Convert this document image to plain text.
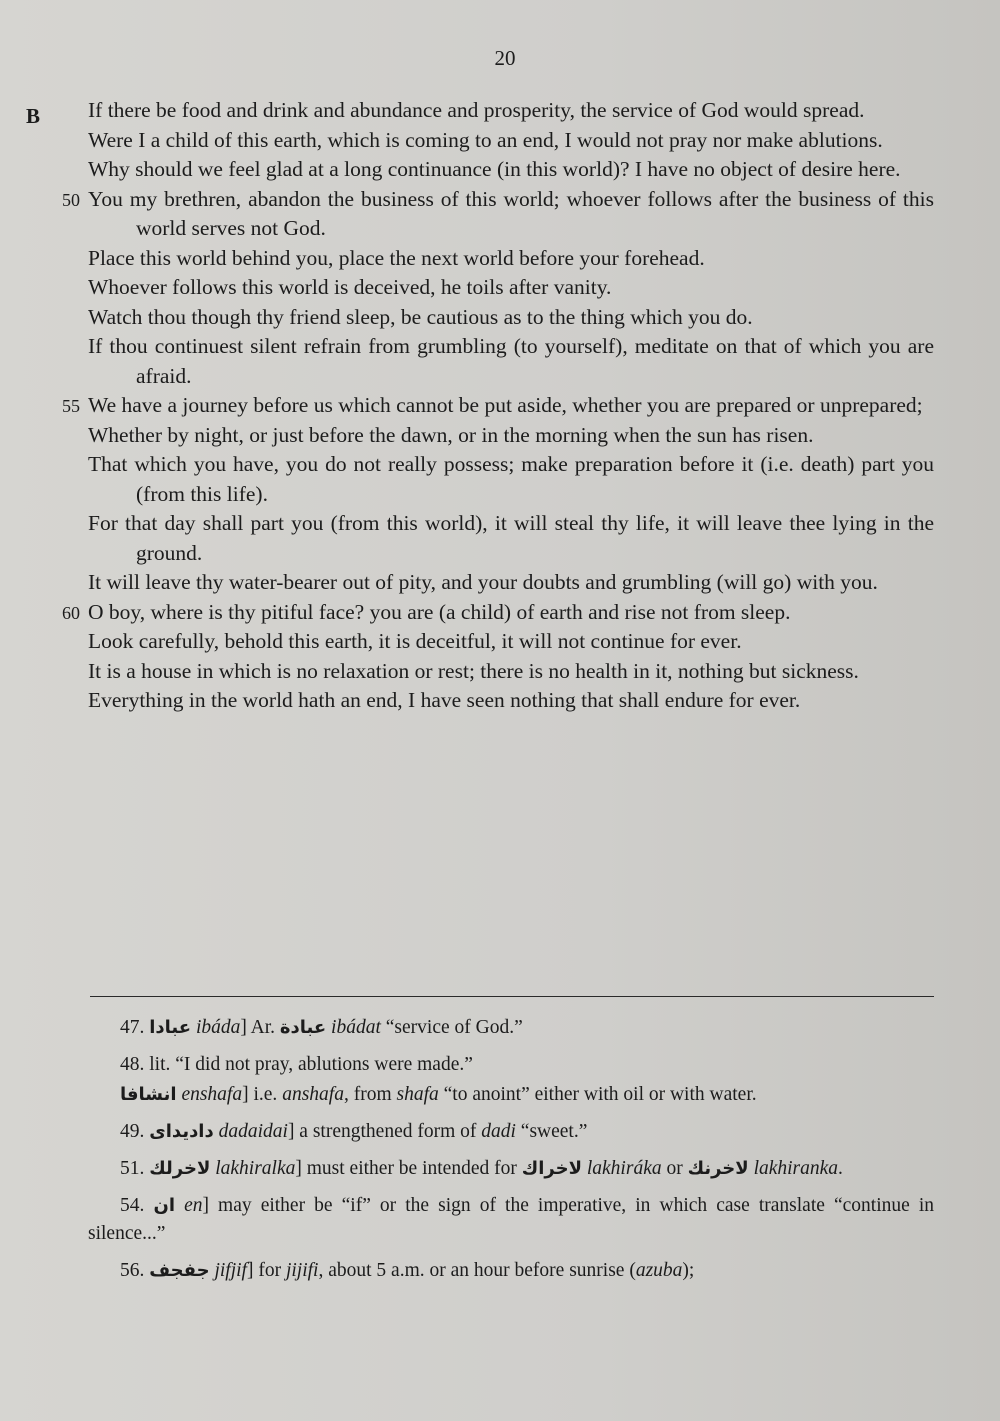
20
B If there be food and drink and abundance and prosperity, the service of God would spread.

Were I a child of this earth, which is coming to an end, I would not pray nor make ablutions.

Why should we feel glad at a long continuance (in this world)? I have no object of desire here.

50 You my brethren, abandon the business of this world; whoever follows after the business of this world serves not God.

Place this world behind you, place the next world before your forehead.

Whoever follows this world is deceived, he toils after vanity.

Watch thou though thy friend sleep, be cautious as to the thing which you do.

If thou continuest silent refrain from grumbling (to yourself), meditate on that of which you are afraid.

55 We have a journey before us which cannot be put aside, whether you are prepared or unprepared;

Whether by night, or just before the dawn, or in the morning when the sun has risen.

That which you have, you do not really possess; make preparation before it (i.e. death) part you (from this life).

For that day shall part you (from this world), it will steal thy life, it will leave thee lying in the ground.

It will leave thy water-bearer out of pity, and your doubts and grumbling (will go) with you.

60 O boy, where is thy pitiful face? you are (a child) of earth and rise not from sleep.

Look carefully, behold this earth, it is deceitful, it will not continue for ever.

It is a house in which is no relaxation or rest; there is no health in it, nothing but sickness.

Everything in the world hath an end, I have seen nothing that shall endure for ever.

47. عبادا ibáda] Ar. عبادة ibádat “service of God.”

48. lit. “I did not pray, ablutions were made.”

انشافا enshafa] i.e. anshafa, from shafa “to anoint” either with oil or with water.

49. داديداى dadaidai] a strengthened form of dadi “sweet.”

51. لاخرلك lakhiralka] must either be intended for لاخراك lakhiráka or لاخرنك lakhiranka.

54. ان en] may either be “if” or the sign of the imperative, in which case translate “continue in silence...”

56. جفجف jifjif] for jijifi, about 5 a.m. or an hour before sunrise (azuba);
